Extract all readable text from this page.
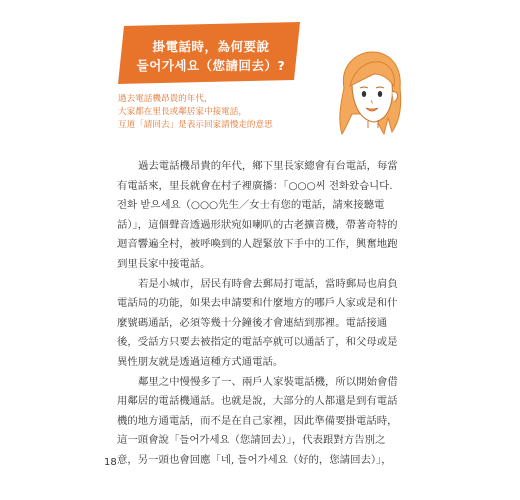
掛電話時，為何要說
들어가세요（您請回去）?
過去電話機昂貴的年代，
大家都在里長或鄰居家中接電話，
互道「請回去」是表示回家請慢走的意思

過去電話機昂貴的年代，鄉下里長家總會有台電話，每當
有電話來，里長就會在村子裡廣播：「○○○씨 전화왔습니다.
전화 받으세요（○○○先生／女士有您的電話，請來接聽電
話）」，這個聲音透過形狀宛如喇叭的古老擴音機，帶著奇特的
迴音響遍全村，被呼喚到的人趕緊放下手中的工作，興奮地跑
到里長家中接電話。

若是小城市，居民有時會去郵局打電話，當時郵局也肩負
電話局的功能，如果去申請要和什麼地方的哪戶人家或是和什
麼號碼通話，必須等幾十分鐘後才會連結到那裡。電話接通
後，受話方只要去被指定的電話亭就可以通話了，和父母或是
異性朋友就是透過這種方式通電話。

鄰里之中慢慢多了一、兩戶人家裝電話機，所以開始會借
用鄰居的電話機通話。也就是說，大部分的人都還是到有電話
機的地方通電話，而不是在自己家裡，因此準備要掛電話時，
這一頭會說「들어가세요（您請回去）」，代表跟對方告別之
意，另一頭也會回應「네, 들어가세요（好的，您請回去）」，

18
